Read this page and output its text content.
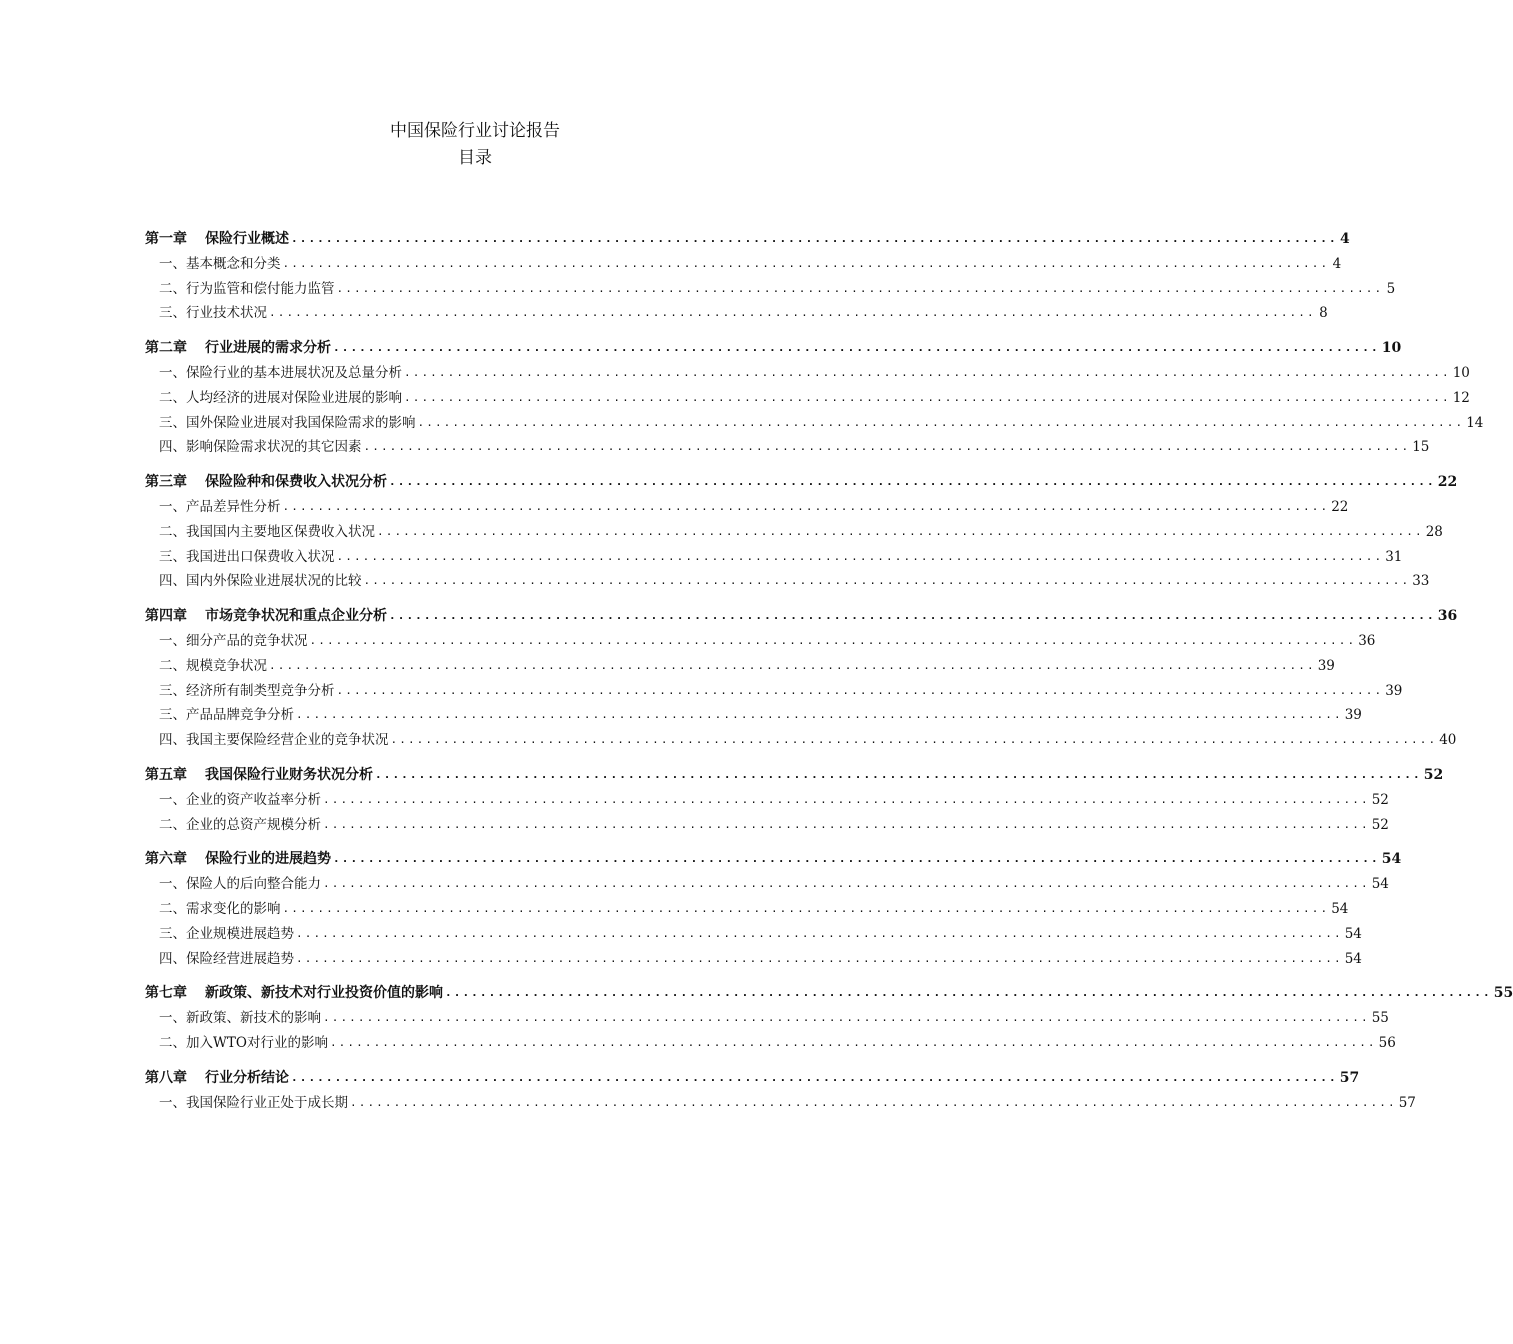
中国保险行业讨论报告
目录
第一章 保险行业概述 ........................................................................................................................ 4
一、基本概念和分类 ........................................................................................................................ 4
二、行为监管和偿付能力监管 ........................................................................................................................ 5
三、行业技术状况 ........................................................................................................................ 8
第二章 行业进展的需求分析 ........................................................................................................................ 10
一、保险行业的基本进展状况及总量分析 ........................................................................................................................ 10
二、人均经济的进展对保险业进展的影响 ........................................................................................................................ 12
三、国外保险业进展对我国保险需求的影响 ........................................................................................................................ 14
四、影响保险需求状况的其它因素 ........................................................................................................................ 15
第三章 保险险种和保费收入状况分析 ........................................................................................................................ 22
一、产品差异性分析 ........................................................................................................................ 22
二、我国国内主要地区保费收入状况 ........................................................................................................................ 28
三、我国进出口保费收入状况 ........................................................................................................................ 31
四、国内外保险业进展状况的比较 ........................................................................................................................ 33
第四章 市场竞争状况和重点企业分析 ........................................................................................................................ 36
一、细分产品的竞争状况 ........................................................................................................................ 36
二、规模竞争状况 ........................................................................................................................ 39
三、经济所有制类型竞争分析 ........................................................................................................................ 39
三、产品品牌竞争分析 ........................................................................................................................ 39
四、我国主要保险经营企业的竞争状况 ........................................................................................................................ 40
第五章 我国保险行业财务状况分析 ........................................................................................................................ 52
一、企业的资产收益率分析 ........................................................................................................................ 52
二、企业的总资产规模分析 ........................................................................................................................ 52
第六章 保险行业的进展趋势 ........................................................................................................................ 54
一、保险人的后向整合能力 ........................................................................................................................ 54
二、需求变化的影响 ........................................................................................................................ 54
三、企业规模进展趋势 ........................................................................................................................ 54
四、保险经营进展趋势 ........................................................................................................................ 54
第七章 新政策、新技术对行业投资价值的影响 ........................................................................................................................ 55
一、新政策、新技术的影响 ........................................................................................................................ 55
二、加入WTO对行业的影响 ........................................................................................................................ 56
第八章 行业分析结论 ........................................................................................................................ 57
一、我国保险行业正处于成长期 ........................................................................................................................ 57
